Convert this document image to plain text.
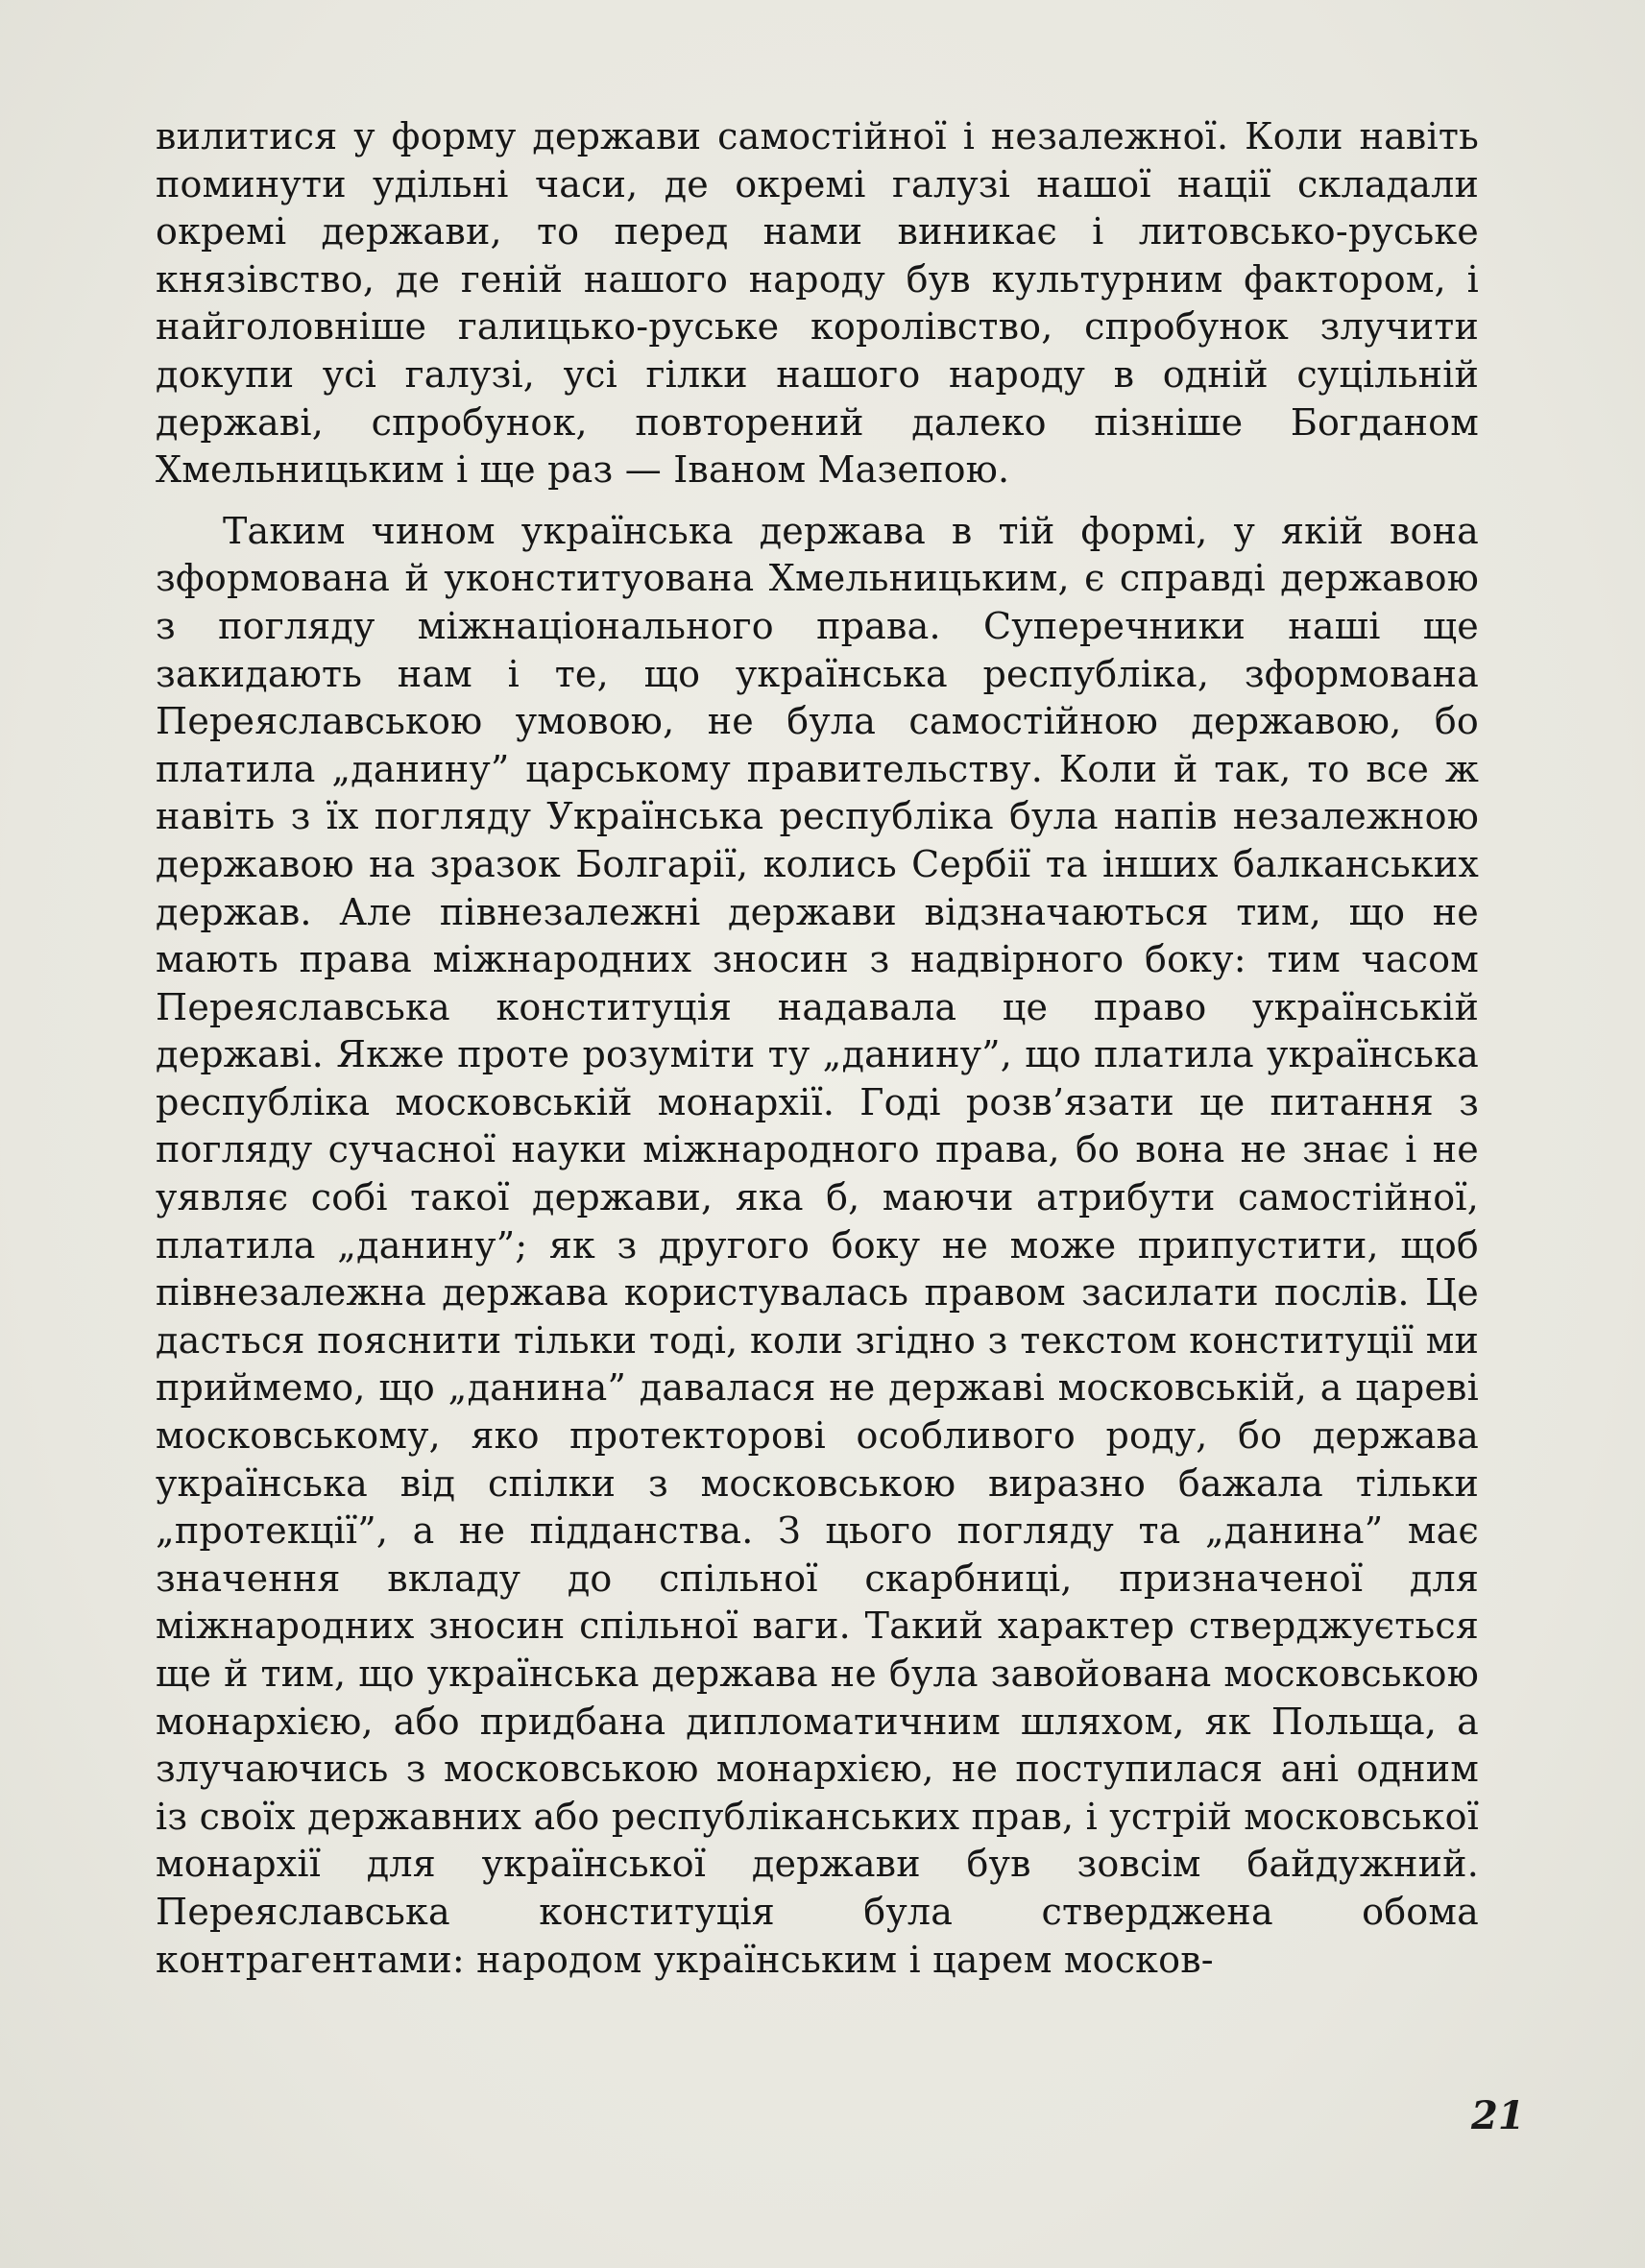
вилитися у форму держави самостійної і незалежної. Коли навіть поминути удільні часи, де окремі галузі нашої нації складали окремі держави, то перед нами виникає і литовсько-руське князівство, де геній нашого народу був культурним фактором, і найголовніше галицько-руське королівство, спробунок злучити докупи усі галузі, усі гілки нашого народу в одній суцільній державі, спробунок, повторений далеко пізніше Богданом Хмельницьким і ще раз — Іваном Мазепою.

Таким чином українська держава в тій формі, у якій вона зформована й уконституована Хмельницьким, є справді державою з погляду міжнаціонального права. Суперечники наші ще закидають нам і те, що українська республіка, зформована Переяславською умовою, не була самостійною державою, бо платила „данину” царському правительству. Коли й так, то все ж навіть з їх погляду Українська республіка була напів незалежною державою на зразок Болгарії, колись Сербії та інших балканських держав. Але півнезалежні держави відзначаються тим, що не мають права міжнародних зносин з надвірного боку: тим часом Переяславська конституція надавала це право українській державі. Якже проте розуміти ту „данину”, що платила українська республіка московській монархії. Годі розв’язати це питання з погляду сучасної науки міжнародного права, бо вона не знає і не уявляє собі такої держави, яка б, маючи атрибути самостійної, платила „данину”; як з другого боку не може припустити, щоб півнезалежна держава користувалась правом засилати послів. Це дасться пояснити тільки тоді, коли згідно з текстом конституції ми приймемо, що „данина” давалася не державі московській, а цареві московському, яко протекторові особливого роду, бо держава українська від спілки з московською виразно бажала тільки „протекції”, а не підданства. З цього погляду та „данина” має значення вкладу до спільної скарбниці, призначеної для міжнародних зносин спільної ваги. Такий характер стверджується ще й тим, що українська держава не була завойована московською монархією, або придбана дипломатичним шляхом, як Польща, а злучаючись з московською монархією, не поступилася ані одним із своїх державних або республіканських прав, і устрій московської монархії для української держави був зовсім байдужний. Переяславська конституція була стверджена обома контрагентами: народом українським і царем москов-

21
